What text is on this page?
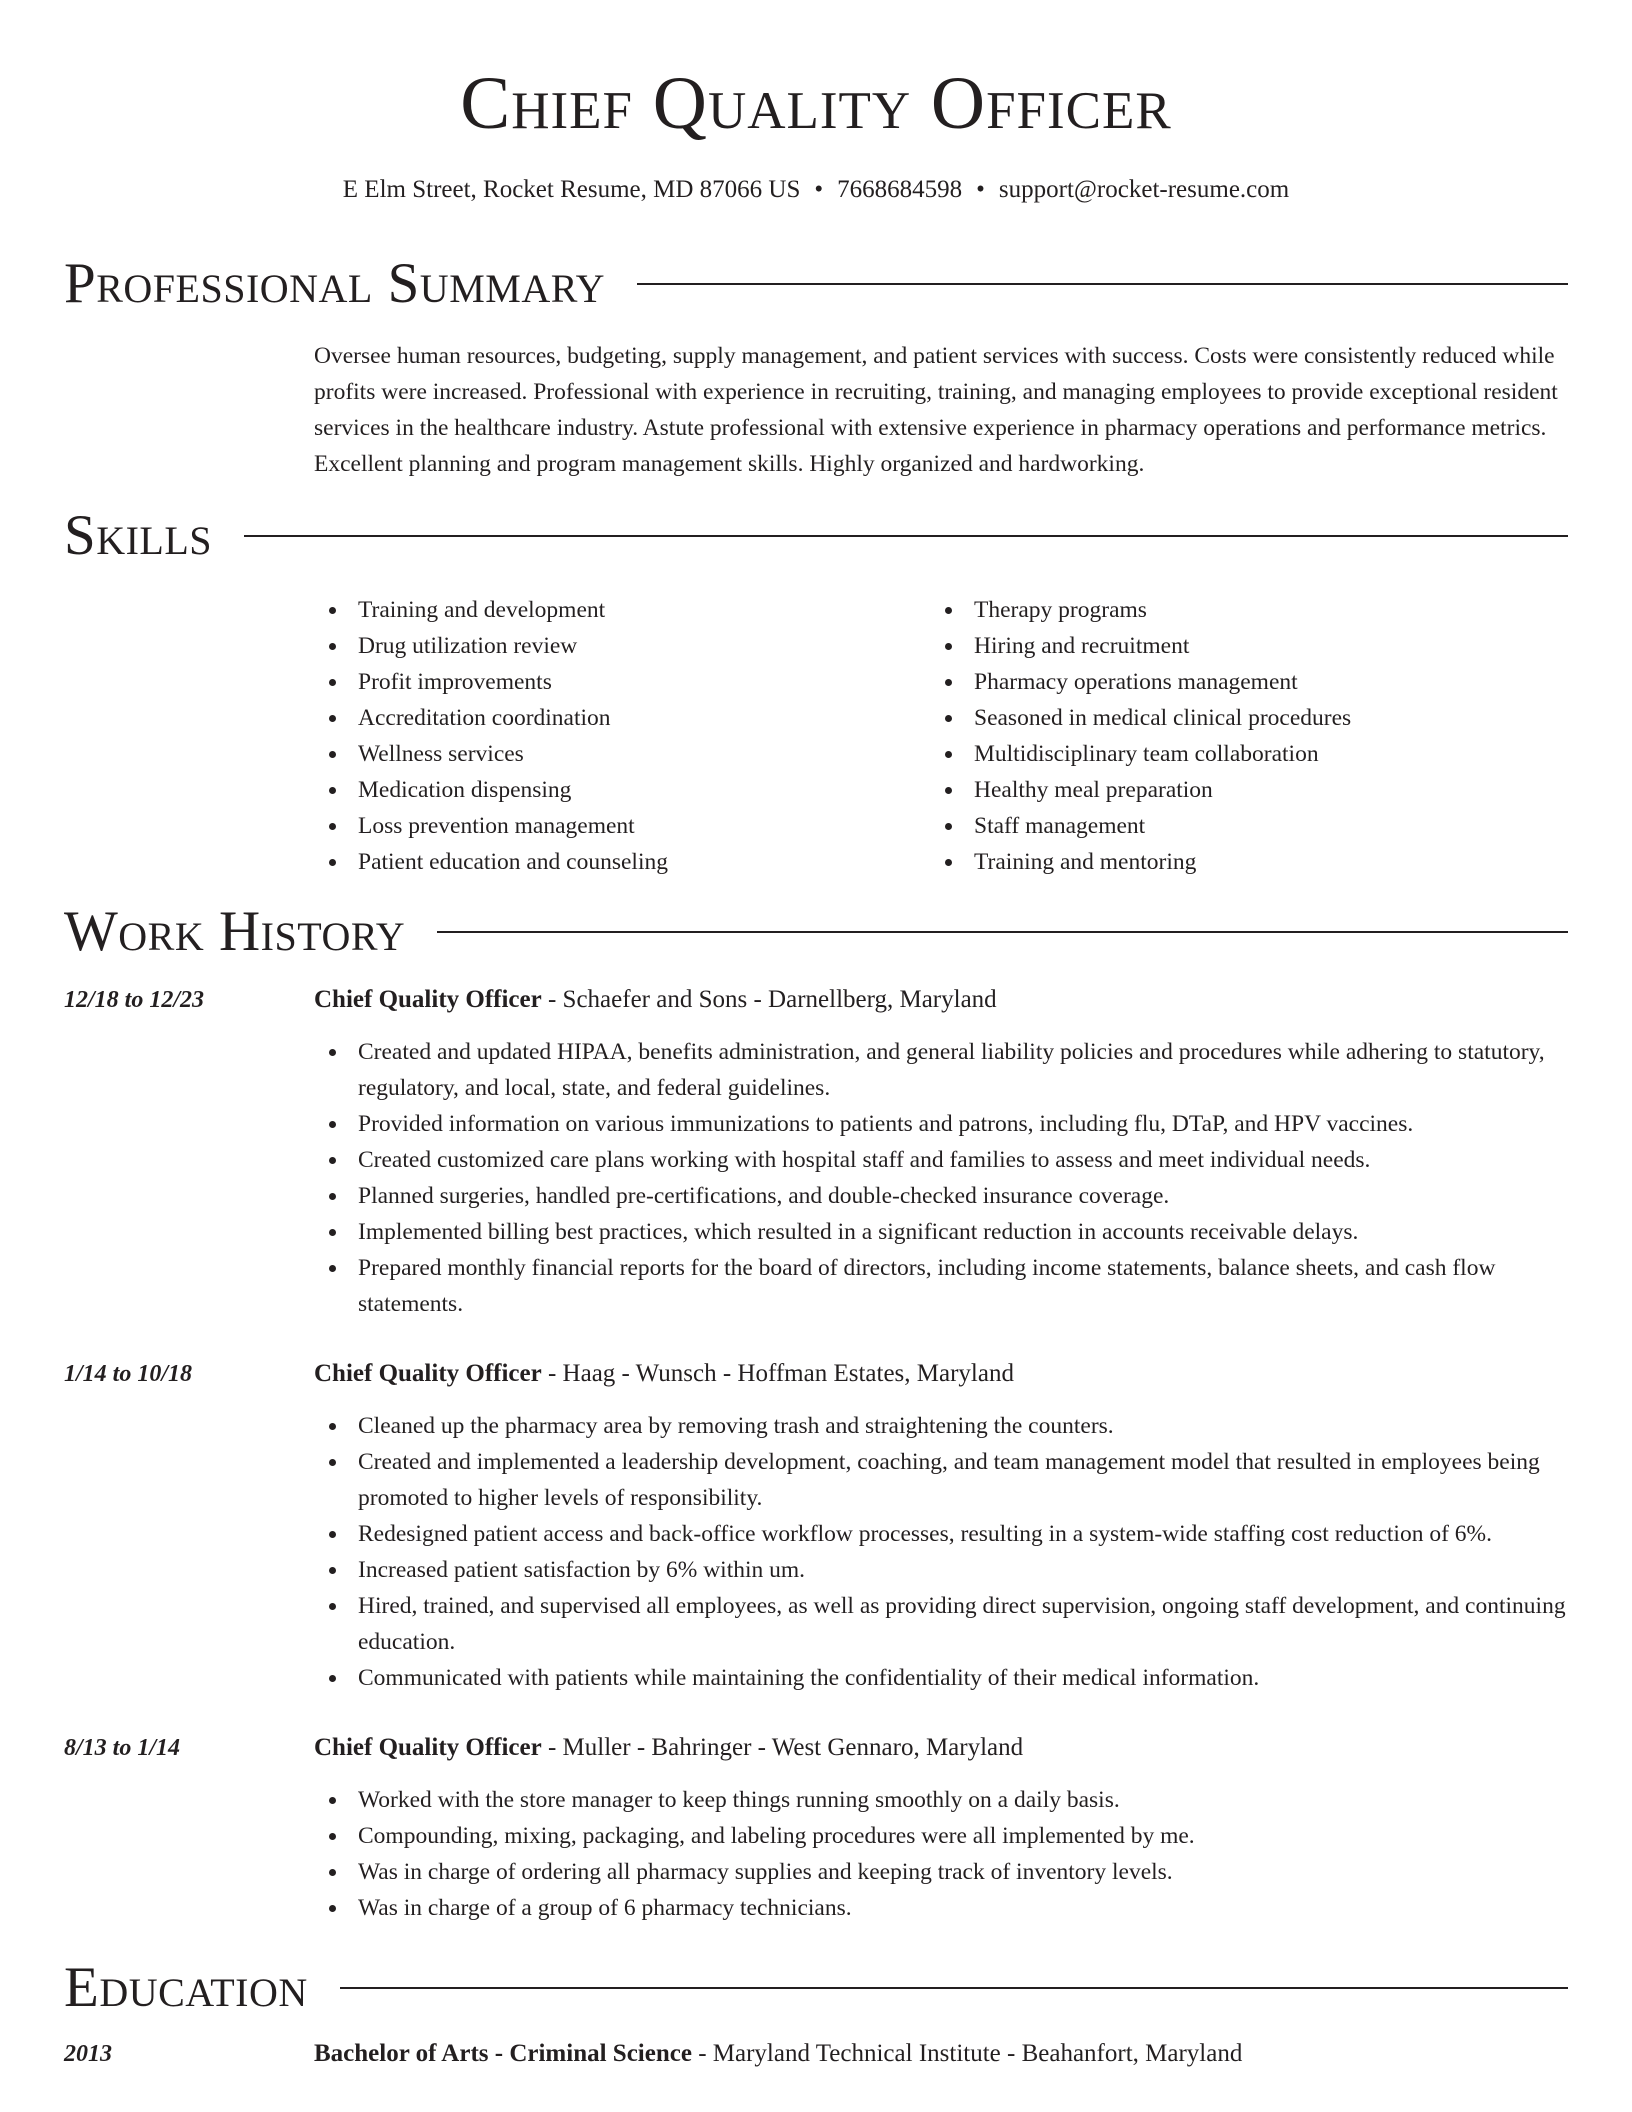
Chief Quality Officer
E Elm Street, Rocket Resume, MD 87066 US • 7668684598 • support@rocket-resume.com
Professional Summary

Oversee human resources, budgeting, supply management, and patient services with success. Costs were consistently reduced while profits were increased. Professional with experience in recruiting, training, and managing employees to provide exceptional resident services in the healthcare industry. Astute professional with extensive experience in pharmacy operations and performance metrics. Excellent planning and program management skills. Highly organized and hardworking.

Skills
Training and development
Drug utilization review
Profit improvements
Accreditation coordination
Wellness services
Medication dispensing
Loss prevention management
Patient education and counseling
Therapy programs
Hiring and recruitment
Pharmacy operations management
Seasoned in medical clinical procedures
Multidisciplinary team collaboration
Healthy meal preparation
Staff management
Training and mentoring
Work History
12/18 to 12/23	Chief Quality Officer - Schaefer and Sons - Darnellberg, Maryland
Created and updated HIPAA, benefits administration, and general liability policies and procedures while adhering to statutory, regulatory, and local, state, and federal guidelines.
Provided information on various immunizations to patients and patrons, including flu, DTaP, and HPV vaccines.
Created customized care plans working with hospital staff and families to assess and meet individual needs.
Planned surgeries, handled pre-certifications, and double-checked insurance coverage.
Implemented billing best practices, which resulted in a significant reduction in accounts receivable delays.
Prepared monthly financial reports for the board of directors, including income statements, balance sheets, and cash flow statements.
1/14 to 10/18	Chief Quality Officer - Haag - Wunsch - Hoffman Estates, Maryland
Cleaned up the pharmacy area by removing trash and straightening the counters.
Created and implemented a leadership development, coaching, and team management model that resulted in employees being promoted to higher levels of responsibility.
Redesigned patient access and back-office workflow processes, resulting in a system-wide staffing cost reduction of 6%.
Increased patient satisfaction by 6% within um.
Hired, trained, and supervised all employees, as well as providing direct supervision, ongoing staff development, and continuing education.
Communicated with patients while maintaining the confidentiality of their medical information.
8/13 to 1/14	Chief Quality Officer - Muller - Bahringer - West Gennaro, Maryland
Worked with the store manager to keep things running smoothly on a daily basis.
Compounding, mixing, packaging, and labeling procedures were all implemented by me.
Was in charge of ordering all pharmacy supplies and keeping track of inventory levels.
Was in charge of a group of 6 pharmacy technicians.
Education
2013	Bachelor of Arts - Criminal Science - Maryland Technical Institute - Beahanfort, Maryland
